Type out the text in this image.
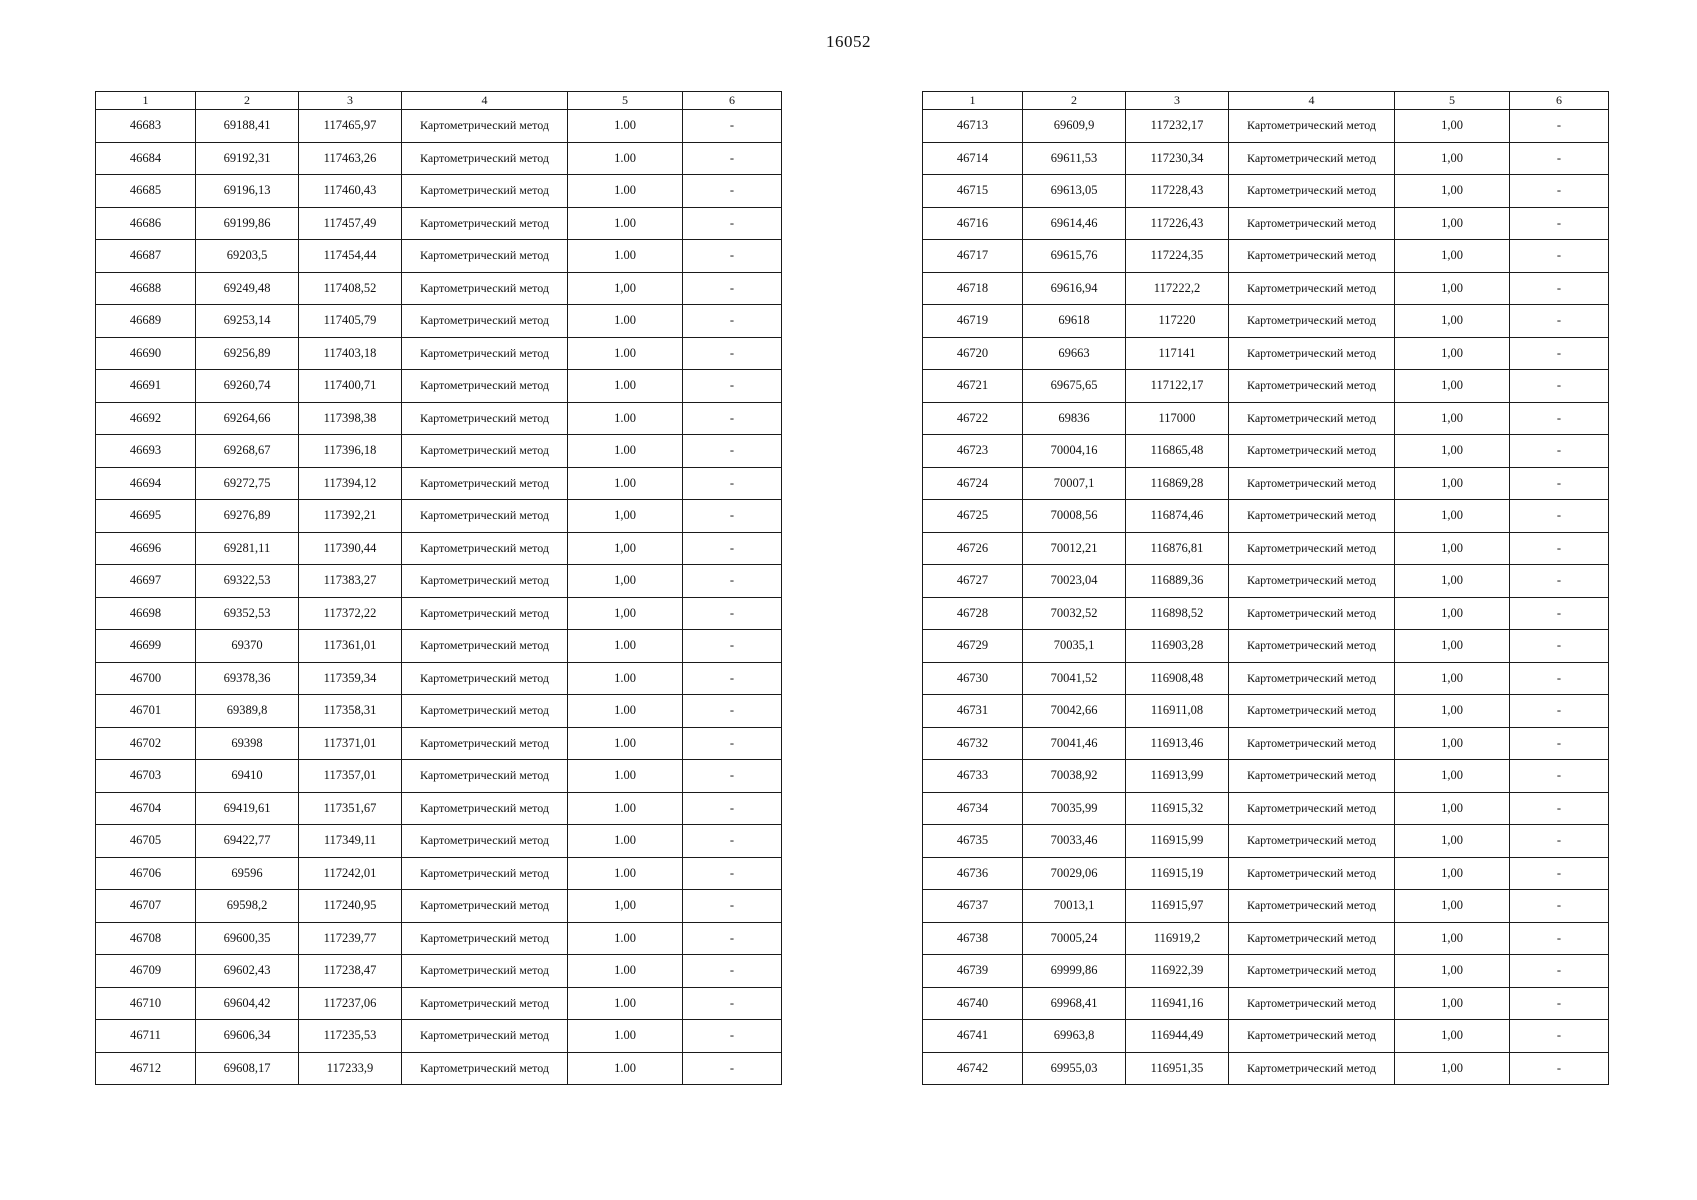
16052
1	2	3	4	5	6
46683	69188,41	117465,97	Картометрический метод	1.00	-
46684	69192,31	117463,26	Картометрический метод	1.00	-
46685	69196,13	117460,43	Картометрический метод	1.00	-
46686	69199,86	117457,49	Картометрический метод	1.00	-
46687	69203,5	117454,44	Картометрический метод	1.00	-
46688	69249,48	117408,52	Картометрический метод	1,00	-
46689	69253,14	117405,79	Картометрический метод	1.00	-
46690	69256,89	117403,18	Картометрический метод	1.00	-
46691	69260,74	117400,71	Картометрический метод	1.00	-
46692	69264,66	117398,38	Картометрический метод	1.00	-
46693	69268,67	117396,18	Картометрический метод	1.00	-
46694	69272,75	117394,12	Картометрический метод	1.00	-
46695	69276,89	117392,21	Картометрический метод	1,00	-
46696	69281,11	117390,44	Картометрический метод	1,00	-
46697	69322,53	117383,27	Картометрический метод	1,00	-
46698	69352,53	117372,22	Картометрический метод	1,00	-
46699	69370	117361,01	Картометрический метод	1.00	-
46700	69378,36	117359,34	Картометрический метод	1.00	-
46701	69389,8	117358,31	Картометрический метод	1.00	-
46702	69398	117371,01	Картометрический метод	1.00	-
46703	69410	117357,01	Картометрический метод	1.00	-
46704	69419,61	117351,67	Картометрический метод	1.00	-
46705	69422,77	117349,11	Картометрический метод	1.00	-
46706	69596	117242,01	Картометрический метод	1.00	-
46707	69598,2	117240,95	Картометрический метод	1,00	-
46708	69600,35	117239,77	Картометрический метод	1.00	-
46709	69602,43	117238,47	Картометрический метод	1.00	-
46710	69604,42	117237,06	Картометрический метод	1.00	-
46711	69606,34	117235,53	Картометрический метод	1.00	-
46712	69608,17	117233,9	Картометрический метод	1.00	-
1	2	3	4	5	6
46713	69609,9	117232,17	Картометрический метод	1,00	-
46714	69611,53	117230,34	Картометрический метод	1,00	-
46715	69613,05	117228,43	Картометрический метод	1,00	-
46716	69614,46	117226,43	Картометрический метод	1,00	-
46717	69615,76	117224,35	Картометрический метод	1,00	-
46718	69616,94	117222,2	Картометрический метод	1,00	-
46719	69618	117220	Картометрический метод	1,00	-
46720	69663	117141	Картометрический метод	1,00	-
46721	69675,65	117122,17	Картометрический метод	1,00	-
46722	69836	117000	Картометрический метод	1,00	-
46723	70004,16	116865,48	Картометрический метод	1,00	-
46724	70007,1	116869,28	Картометрический метод	1,00	-
46725	70008,56	116874,46	Картометрический метод	1,00	-
46726	70012,21	116876,81	Картометрический метод	1,00	-
46727	70023,04	116889,36	Картометрический метод	1,00	-
46728	70032,52	116898,52	Картометрический метод	1,00	-
46729	70035,1	116903,28	Картометрический метод	1,00	-
46730	70041,52	116908,48	Картометрический метод	1,00	-
46731	70042,66	116911,08	Картометрический метод	1,00	-
46732	70041,46	116913,46	Картометрический метод	1,00	-
46733	70038,92	116913,99	Картометрический метод	1,00	-
46734	70035,99	116915,32	Картометрический метод	1,00	-
46735	70033,46	116915,99	Картометрический метод	1,00	-
46736	70029,06	116915,19	Картометрический метод	1,00	-
46737	70013,1	116915,97	Картометрический метод	1,00	-
46738	70005,24	116919,2	Картометрический метод	1,00	-
46739	69999,86	116922,39	Картометрический метод	1,00	-
46740	69968,41	116941,16	Картометрический метод	1,00	-
46741	69963,8	116944,49	Картометрический метод	1,00	-
46742	69955,03	116951,35	Картометрический метод	1,00	-
